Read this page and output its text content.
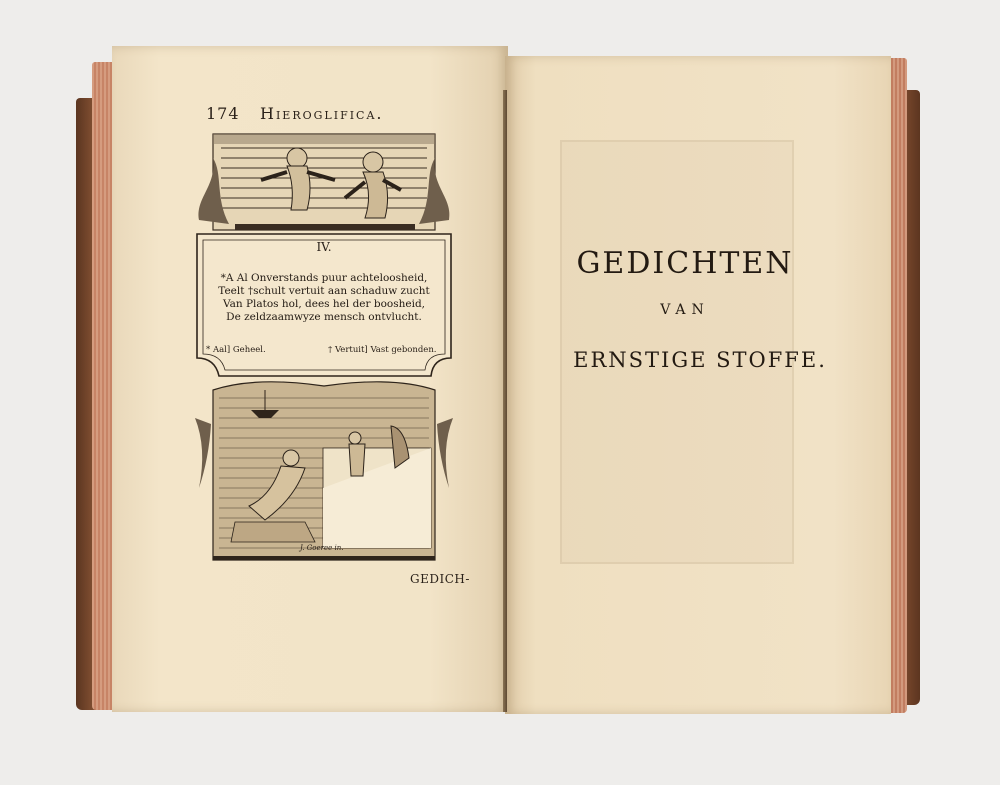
174 Hieroglifica.
IV.
*A Al Onverstands puur achteloosheid,
Teelt †schult vertuit aan schaduw zucht
Van Platos hol, dees hel der boosheid,
De zeldzaamwyze mensch ontvlucht.
* Aal] Geheel.	† Vertuit] Vast gebonden.
J. Goeree in.
GEDICH-
GEDICHTEN
VAN
ERNSTIGE STOFFE.
